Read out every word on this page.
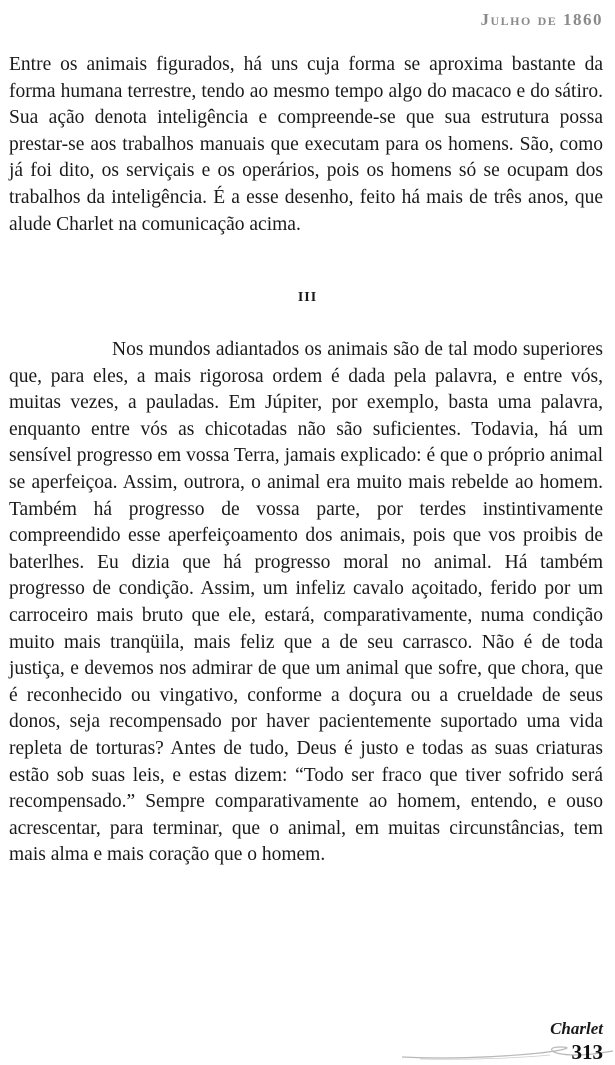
Julho de 1860

Entre os animais figurados, há uns cuja forma se aproxima bastante da forma humana terrestre, tendo ao mesmo tempo algo do macaco e do sátiro. Sua ação denota inteligência e compreende-se que sua estrutura possa prestar-se aos trabalhos manuais que executam para os homens. São, como já foi dito, os serviçais e os operários, pois os homens só se ocupam dos trabalhos da inteligência. É a esse desenho, feito há mais de três anos, que alude Charlet na comunicação acima.

III

Nos mundos adiantados os animais são de tal modo superiores que, para eles, a mais rigorosa ordem é dada pela palavra, e entre vós, muitas vezes, a pauladas. Em Júpiter, por exemplo, basta uma palavra, enquanto entre vós as chicotadas não são suficientes. Todavia, há um sensível progresso em vossa Terra, jamais explicado: é que o próprio animal se aperfeiçoa. Assim, outrora, o animal era muito mais rebelde ao homem. Também há progresso de vossa parte, por terdes instintivamente compreendido esse aperfeiçoamento dos animais, pois que vos proibis de baterlhes. Eu dizia que há progresso moral no animal. Há também progresso de condição. Assim, um infeliz cavalo açoitado, ferido por um carroceiro mais bruto que ele, estará, comparativamente, numa condição muito mais tranqüila, mais feliz que a de seu carrasco. Não é de toda justiça, e devemos nos admirar de que um animal que sofre, que chora, que é reconhecido ou vingativo, conforme a doçura ou a crueldade de seus donos, seja recompensado por haver pacientemente suportado uma vida repleta de torturas? Antes de tudo, Deus é justo e todas as suas criaturas estão sob suas leis, e estas dizem: “Todo ser fraco que tiver sofrido será recompensado.” Sempre comparativamente ao homem, entendo, e ouso acrescentar, para terminar, que o animal, em muitas circunstâncias, tem mais alma e mais coração que o homem.

Charlet
313
